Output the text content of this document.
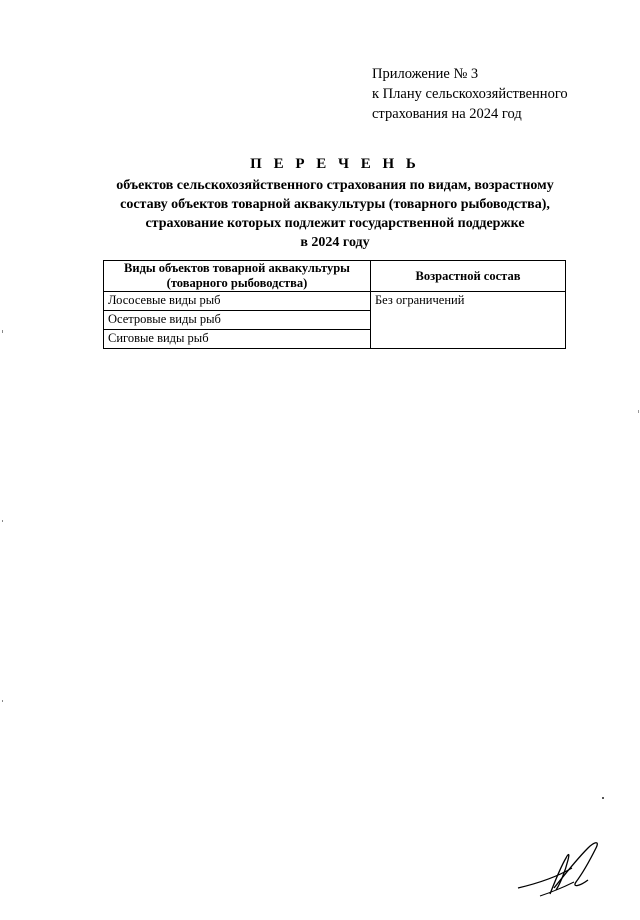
Приложение № 3
к Плану сельскохозяйственного
страхования на 2024 год
П Е Р Е Ч Е Н Ь
объектов сельскохозяйственного страхования по видам, возрастному
составу объектов товарной аквакультуры (товарного рыбоводства),
страхование которых подлежит государственной поддержке
в 2024 году
Виды объектов товарной аквакультуры (товарного рыбоводства)	Возрастной состав
Лососевые виды рыб	Без ограничений
Осетровые виды рыб	
Сиговые виды рыб	
